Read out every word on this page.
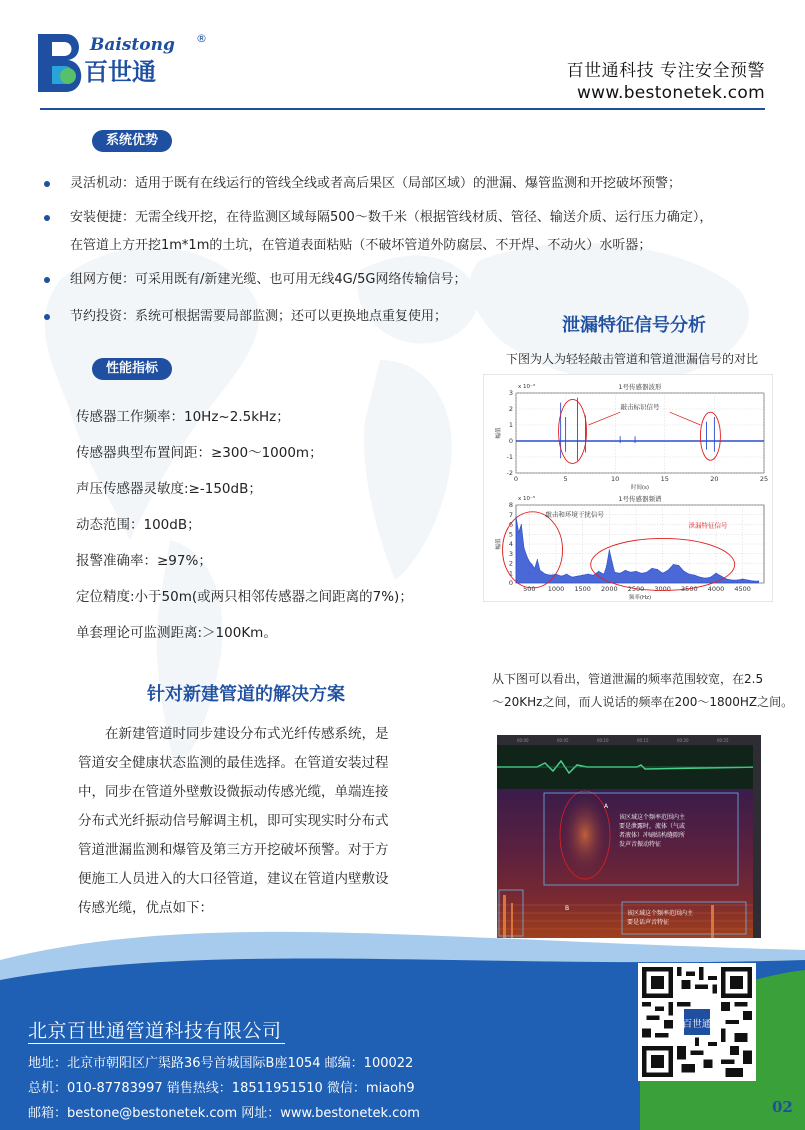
Baistong ®
百世通	百世通科技 专注安全预警
www.bestonetek.com
系统优势
灵活机动：适用于既有在线运行的管线全线或者高后果区（局部区域）的泄漏、爆管监测和开挖破坏预警；
安装便捷：无需全线开挖，在待监测区域每隔500～数千米（根据管线材质、管径、输送介质、运行压力确定），
在管道上方开挖1m*1m的土坑，在管道表面粘贴（不破坏管道外防腐层、不开焊、不动火）水听器；
组网方便：可采用既有/新建光缆、也可用无线4G/5G网络传输信号；
节约投资：系统可根据需要局部监测；还可以更换地点重复使用；
性能指标
传感器工作频率：10Hz~2.5kHz；
传感器典型布置间距：≥300～1000m；
声压传感器灵敏度:≥-150dB；
动态范围：100dB；
报警准确率：≥97%；
定位精度:小于50m(或两只相邻传感器之间距离的7%)；
单套理论可监测距离:＞100Km。
针对新建管道的解决方案
　　在新建管道时同步建设分布式光纤传感系统，是
管道安全健康状态监测的最佳选择。在管道安装过程
中，同步在管道外壁敷设微振动传感光缆，单端连接
分布式光纤振动信号解调主机，即可实现实时分布式
管道泄漏监测和爆管及第三方开挖破坏预警。对于方
便施工人员进入的大口径管道，建议在管道内壁敷设
传感光缆，优点如下：
泄漏特征信号分析
下图为人为轻轻敲击管道和管道泄漏信号的对比
0	5	10	15	20	25
-2
-1
0
1
2
3
1号传感器波形
x 10⁻³
时间(s)
幅值
敲击标识信号
500 1000 1500 2000 2500 3000 3500 4000 4500
0
1
2
3
4
5
6
7
8
1号传感器频谱
x 10⁻⁵
频率(Hz)
幅值
敲击和环境干扰信号
泄漏特征信号
从下图可以看出，管道泄漏的频率范围较宽，在2.5
～20KHz之间，而人说话的频率在200～1800HZ之间。
00:00	00:05	00:10	00:15	00:20	00:25
A
该区域这个频率范围内主
要是泄露时，流体（气或
者液体）冲刷结构缝隙所
发声音振动特征
B
该区域这个频率范围内主
要是话声音特征
北京百世通管道科技有限公司
地址：北京市朝阳区广渠路36号首城国际B座1054 邮编：100022
总机：010-87783997 销售热线：18511951510 微信：miaoh9
邮箱：bestone@bestonetek.com 网址：www.bestonetek.com
百世通
02
